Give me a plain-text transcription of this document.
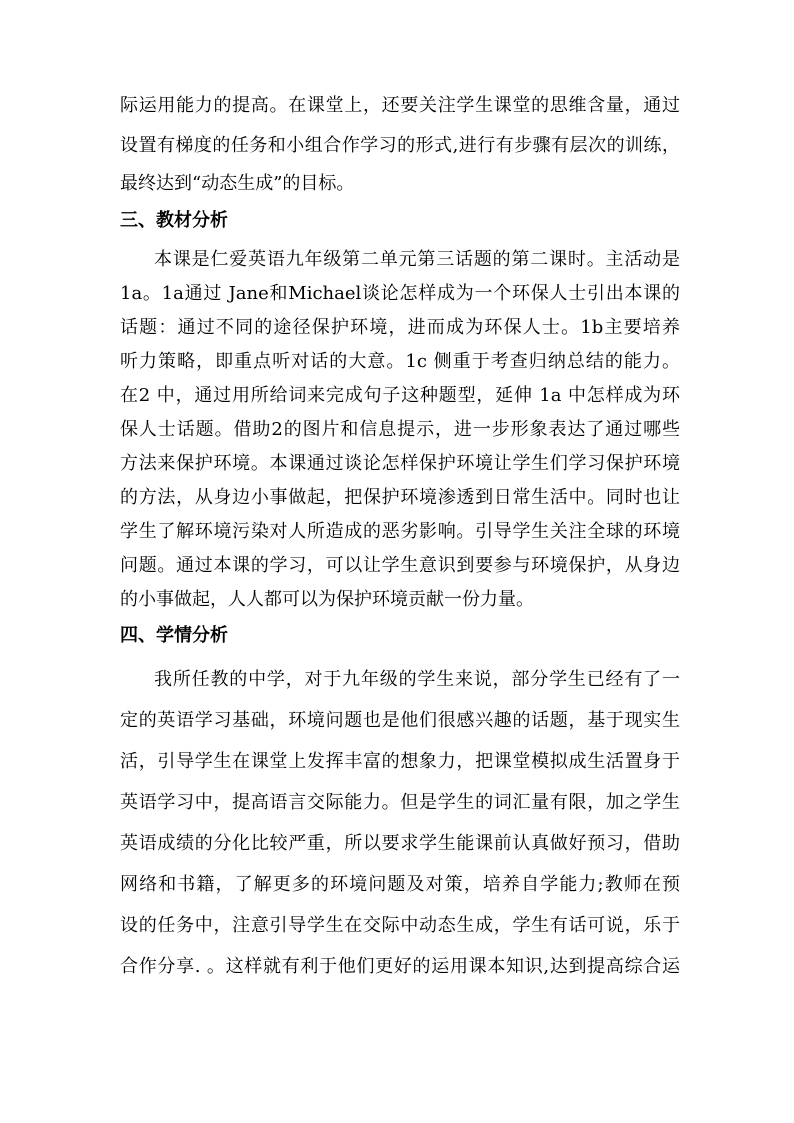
际运用能力的提高。在课堂上，还要关注学生课堂的思维含量，通过
设置有梯度的任务和小组合作学习的形式,进行有步骤有层次的训练，
最终达到“动态生成”的目标。
三、教材分析
本课是仁爱英语九年级第二单元第三话题的第二课时。主活动是
1a。1a通过 Jane和Michael谈论怎样成为一个环保人士引出本课的
话题：通过不同的途径保护环境，进而成为环保人士。1b主要培养
听力策略，即重点听对话的大意。1c 侧重于考查归纳总结的能力。
在2 中，通过用所给词来完成句子这种题型，延伸 1a 中怎样成为环
保人士话题。借助2的图片和信息提示，进一步形象表达了通过哪些
方法来保护环境。本课通过谈论怎样保护环境让学生们学习保护环境
的方法，从身边小事做起，把保护环境渗透到日常生活中。同时也让
学生了解环境污染对人所造成的恶劣影响。引导学生关注全球的环境
问题。通过本课的学习，可以让学生意识到要参与环境保护，从身边
的小事做起，人人都可以为保护环境贡献一份力量。
四、学情分析
我所任教的中学，对于九年级的学生来说，部分学生已经有了一
定的英语学习基础，环境问题也是他们很感兴趣的话题，基于现实生
活，引导学生在课堂上发挥丰富的想象力，把课堂模拟成生活置身于
英语学习中，提高语言交际能力。但是学生的词汇量有限，加之学生
英语成绩的分化比较严重，所以要求学生能课前认真做好预习，借助
网络和书籍，了解更多的环境问题及对策，培养自学能力;教师在预
设的任务中，注意引导学生在交际中动态生成，学生有话可说，乐于
合作分享. 。这样就有利于他们更好的运用课本知识,达到提高综合运
